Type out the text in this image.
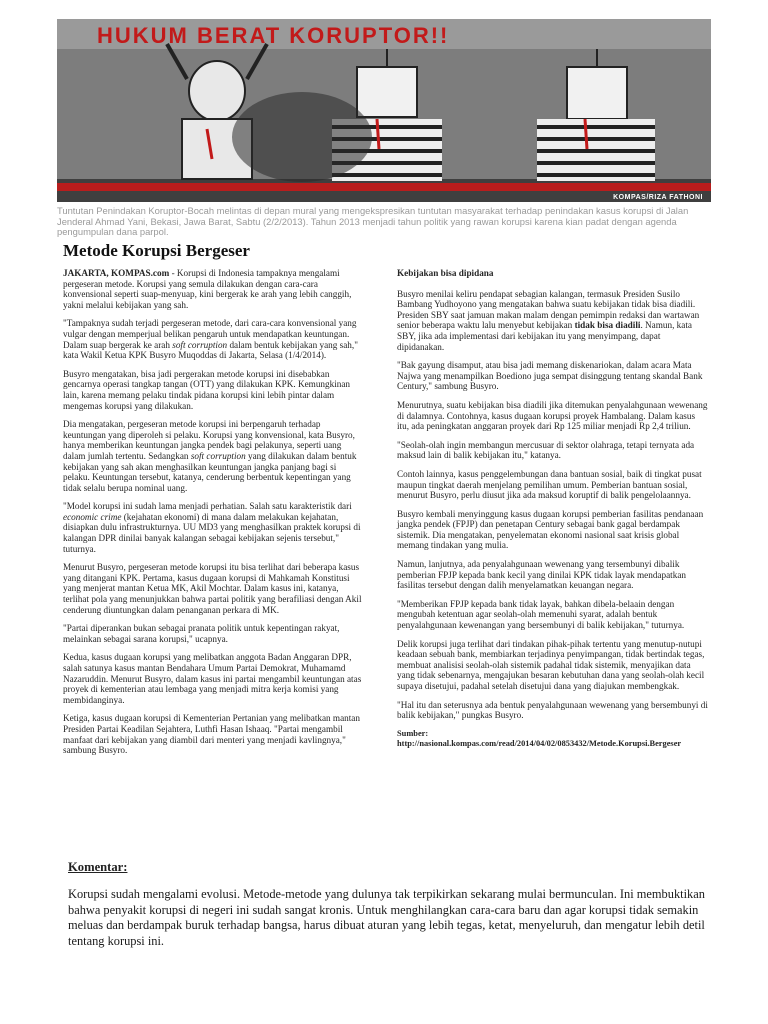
HUKUM BERAT KORUPTOR!!
KOMPAS/RIZA FATHONI
Tuntutan Penindakan Koruptor-Bocah melintas di depan mural yang mengekspresikan tuntutan masyarakat terhadap penindakan kasus korupsi di Jalan Jenderal Ahmad Yani, Bekasi, Jawa Barat, Sabtu (2/2/2013). Tahun 2013 menjadi tahun politik yang rawan korupsi karena kian padat dengan agenda pengumpulan dana parpol.
Metode Korupsi Bergeser

JAKARTA, KOMPAS.com - Korupsi di Indonesia tampaknya mengalami pergeseran metode. Korupsi yang semula dilakukan dengan cara-cara konvensional seperti suap-menyuap, kini bergerak ke arah yang lebih canggih, yakni melalui kebijakan yang sah.

"Tampaknya sudah terjadi pergeseran metode, dari cara-cara konvensional yang vulgar dengan memperjual belikan pengaruh untuk mendapatkan keuntungan. Dalam suap bergerak ke arah soft corruption dalam bentuk kebijakan yang sah," kata Wakil Ketua KPK Busyro Muqoddas di Jakarta, Selasa (1/4/2014).

Busyro mengatakan, bisa jadi pergerakan metode korupsi ini disebabkan gencarnya operasi tangkap tangan (OTT) yang dilakukan KPK. Kemungkinan lain, karena memang pelaku tindak pidana korupsi kini lebih pintar dalam mengemas korupsi yang dilakukan.

Dia mengatakan, pergeseran metode korupsi ini berpengaruh terhadap keuntungan yang diperoleh si pelaku. Korupsi yang konvensional, kata Busyro, hanya memberikan keuntungan jangka pendek bagi pelakunya, seperti uang dalam jumlah tertentu. Sedangkan soft corruption yang dilakukan dalam bentuk kebijakan yang sah akan menghasilkan keuntungan jangka panjang bagi si pelaku. Keuntungan tersebut, katanya, cenderung berbentuk kepentingan yang tidak selalu berupa nominal uang.

"Model korupsi ini sudah lama menjadi perhatian. Salah satu karakteristik dari economic crime (kejahatan ekonomi) di mana dalam melakukan kejahatan, disiapkan dulu infrastrukturnya. UU MD3 yang menghasilkan praktek korupsi di kalangan DPR dinilai banyak kalangan sebagai kebijakan sejenis tersebut," tuturnya.

Menurut Busyro, pergeseran metode korupsi itu bisa terlihat dari beberapa kasus yang ditangani KPK. Pertama, kasus dugaan korupsi di Mahkamah Konstitusi yang menjerat mantan Ketua MK, Akil Mochtar. Dalam kasus ini, katanya, terlihat pola yang menunjukkan bahwa partai politik yang berafiliasi dengan Akil cenderung diuntungkan dalam penanganan perkara di MK.

"Partai diperankan bukan sebagai pranata politik untuk kepentingan rakyat, melainkan sebagai sarana korupsi," ucapnya.

Kedua, kasus dugaan korupsi yang melibatkan anggota Badan Anggaran DPR, salah satunya kasus mantan Bendahara Umum Partai Demokrat, Muhamamd Nazaruddin. Menurut Busyro, dalam kasus ini partai mengambil keuntungan atas proyek di kementerian atau lembaga yang menjadi mitra kerja komisi yang membidanginya.

Ketiga, kasus dugaan korupsi di Kementerian Pertanian yang melibatkan mantan Presiden Partai Keadilan Sejahtera, Luthfi Hasan Ishaaq. "Partai mengambil manfaat dari kebijakan yang diambil dari menteri yang menjadi kavlingnya," sambung Busyro.

Kebijakan bisa dipidana

Busyro menilai keliru pendapat sebagian kalangan, termasuk Presiden Susilo Bambang Yudhoyono yang mengatakan bahwa suatu kebijakan tidak bisa diadili. Presiden SBY saat jamuan makan malam dengan pemimpin redaksi dan wartawan senior beberapa waktu lalu menyebut kebijakan tidak bisa diadili. Namun, kata SBY, jika ada implementasi dari kebijakan itu yang menyimpang, dapat dipidanakan.

"Bak gayung disamput, atau bisa jadi memang diskenariokan, dalam acara Mata Najwa yang menampilkan Boediono juga sempat disinggung tentang skandal Bank Century," sambung Busyro.

Menurutnya, suatu kebijakan bisa diadili jika ditemukan penyalahgunaan wewenang di dalamnya. Contohnya, kasus dugaan korupsi proyek Hambalang. Dalam kasus itu, ada peningkatan anggaran proyek dari Rp 125 miliar menjadi Rp 2,4 triliun.

"Seolah-olah ingin membangun mercusuar di sektor olahraga, tetapi ternyata ada maksud lain di balik kebijakan itu," katanya.

Contoh lainnya, kasus penggelembungan dana bantuan sosial, baik di tingkat pusat maupun tingkat daerah menjelang pemilihan umum. Pemberian bantuan sosial, menurut Busyro, perlu diusut jika ada maksud koruptif di balik pengelolaannya.

Busyro kembali menyinggung kasus dugaan korupsi pemberian fasilitas pendanaan jangka pendek (FPJP) dan penetapan Century sebagai bank gagal berdampak sistemik. Dia mengatakan, penyelematan ekonomi nasional saat krisis global memang tindakan yang mulia.

Namun, lanjutnya, ada penyalahgunaan wewenang yang tersembunyi dibalik pemberian FPJP kepada bank kecil yang dinilai KPK tidak layak mendapatkan fasilitas tersebut dengan dalih menyelamatkan keuangan negara.

"Memberikan FPJP kepada bank tidak layak, bahkan dibela-belaain dengan mengubah ketentuan agar seolah-olah memenuhi syarat, adalah bentuk penyalahgunaan kewenangan yang bersembunyi di balik kebijakan," tuturnya.

Delik korupsi juga terlihat dari tindakan pihak-pihak tertentu yang menutup-nutupi keadaan sebuah bank, membiarkan terjadinya penyimpangan, tidak bertindak tegas, membuat analisisi seolah-olah sistemik padahal tidak sistemik, menyajikan data yang tidak sebenarnya, mengajukan besaran kebutuhan dana yang seolah-olah kecil supaya disetujui, padahal setelah disetujui dana yang diajukan membengkak.

"Hal itu dan seterusnya ada bentuk penyalahgunaan wewenang yang bersembunyi di balik kebijakan," pungkas Busyro.

Sumber:
http://nasional.kompas.com/read/2014/04/02/0853432/Metode.Korupsi.Bergeser

Komentar:

Korupsi sudah mengalami evolusi. Metode-metode yang dulunya tak terpikirkan sekarang mulai bermunculan. Ini membuktikan bahwa penyakit korupsi di negeri ini sudah sangat kronis. Untuk menghilangkan cara-cara baru dan agar korupsi tidak semakin meluas dan berdampak buruk terhadap bangsa, harus dibuat aturan yang lebih tegas, ketat, menyeluruh, dan mengatur lebih detil tentang korupsi ini.
